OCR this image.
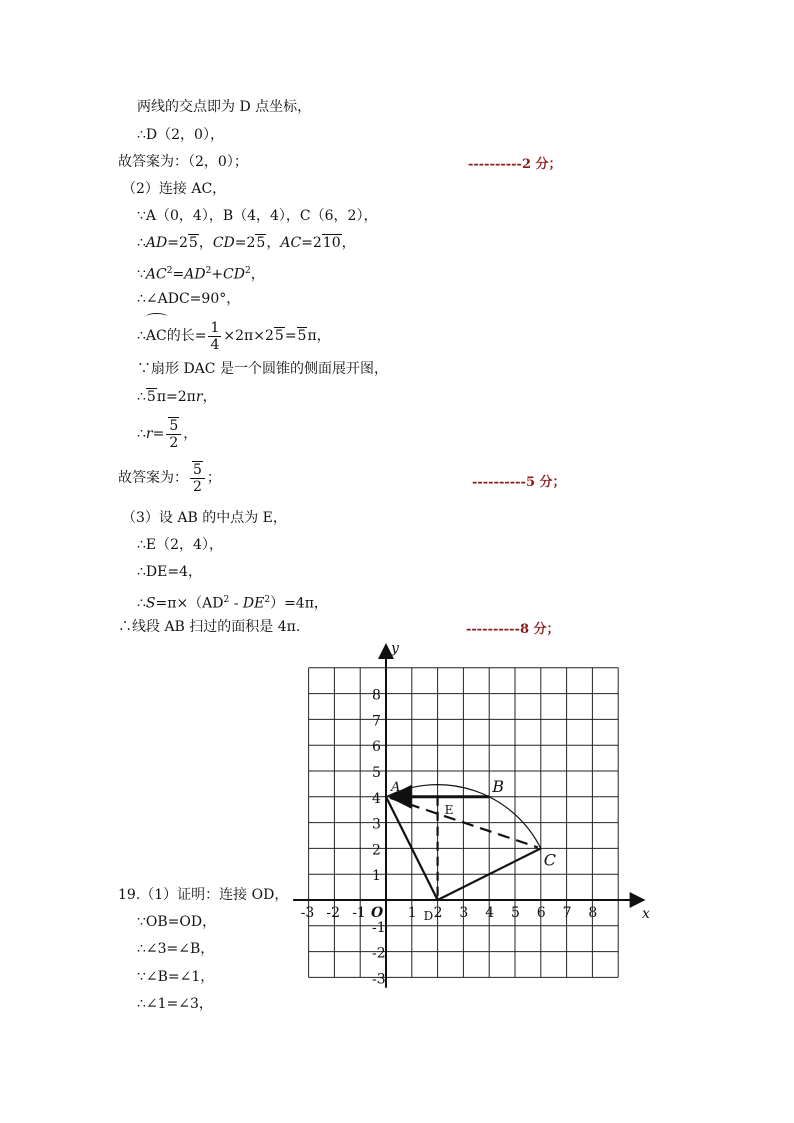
两线的交点即为 D 点坐标，
∴D（2，0），
故答案为：（2，0）；	----------2 分；
（2）连接 AC，
∵A（0，4），B（4，4），C（6，2），
∴AD=25，CD=25，AC=210，
$\because AC^2=AD^2+CD^2$，
∴∠ADC=90°，
∴AC的长= $\frac{1}{4} \times 2\pi\times 25=5\pi$，
∵扇形 DAC 是一个圆锥的侧面展开图，
∴5π=2πr，
∴r= $\frac{5}{2}$ ，
故答案为： $\frac{5}{2}$ ；	----------5 分；
（3）设 AB 的中点为 E，
∴E（2，4），
∴DE=4，
$\therefore S=\pi\times(AD^2 - DE^2)=4\pi$，
∴线段 AB 扫过的面积是 4π.	----------8 分；
19.（1）证明：连接 OD，
∵OB=OD，
∴∠3=∠B，
∵∠B=∠1，
∴∠1=∠3，
-3 -2 -1	1 2 3 4 5 6 7 8
8
7
6
5
4
3
2
1
-1
-2
-3
O	x
y
A	B
C
D
E
